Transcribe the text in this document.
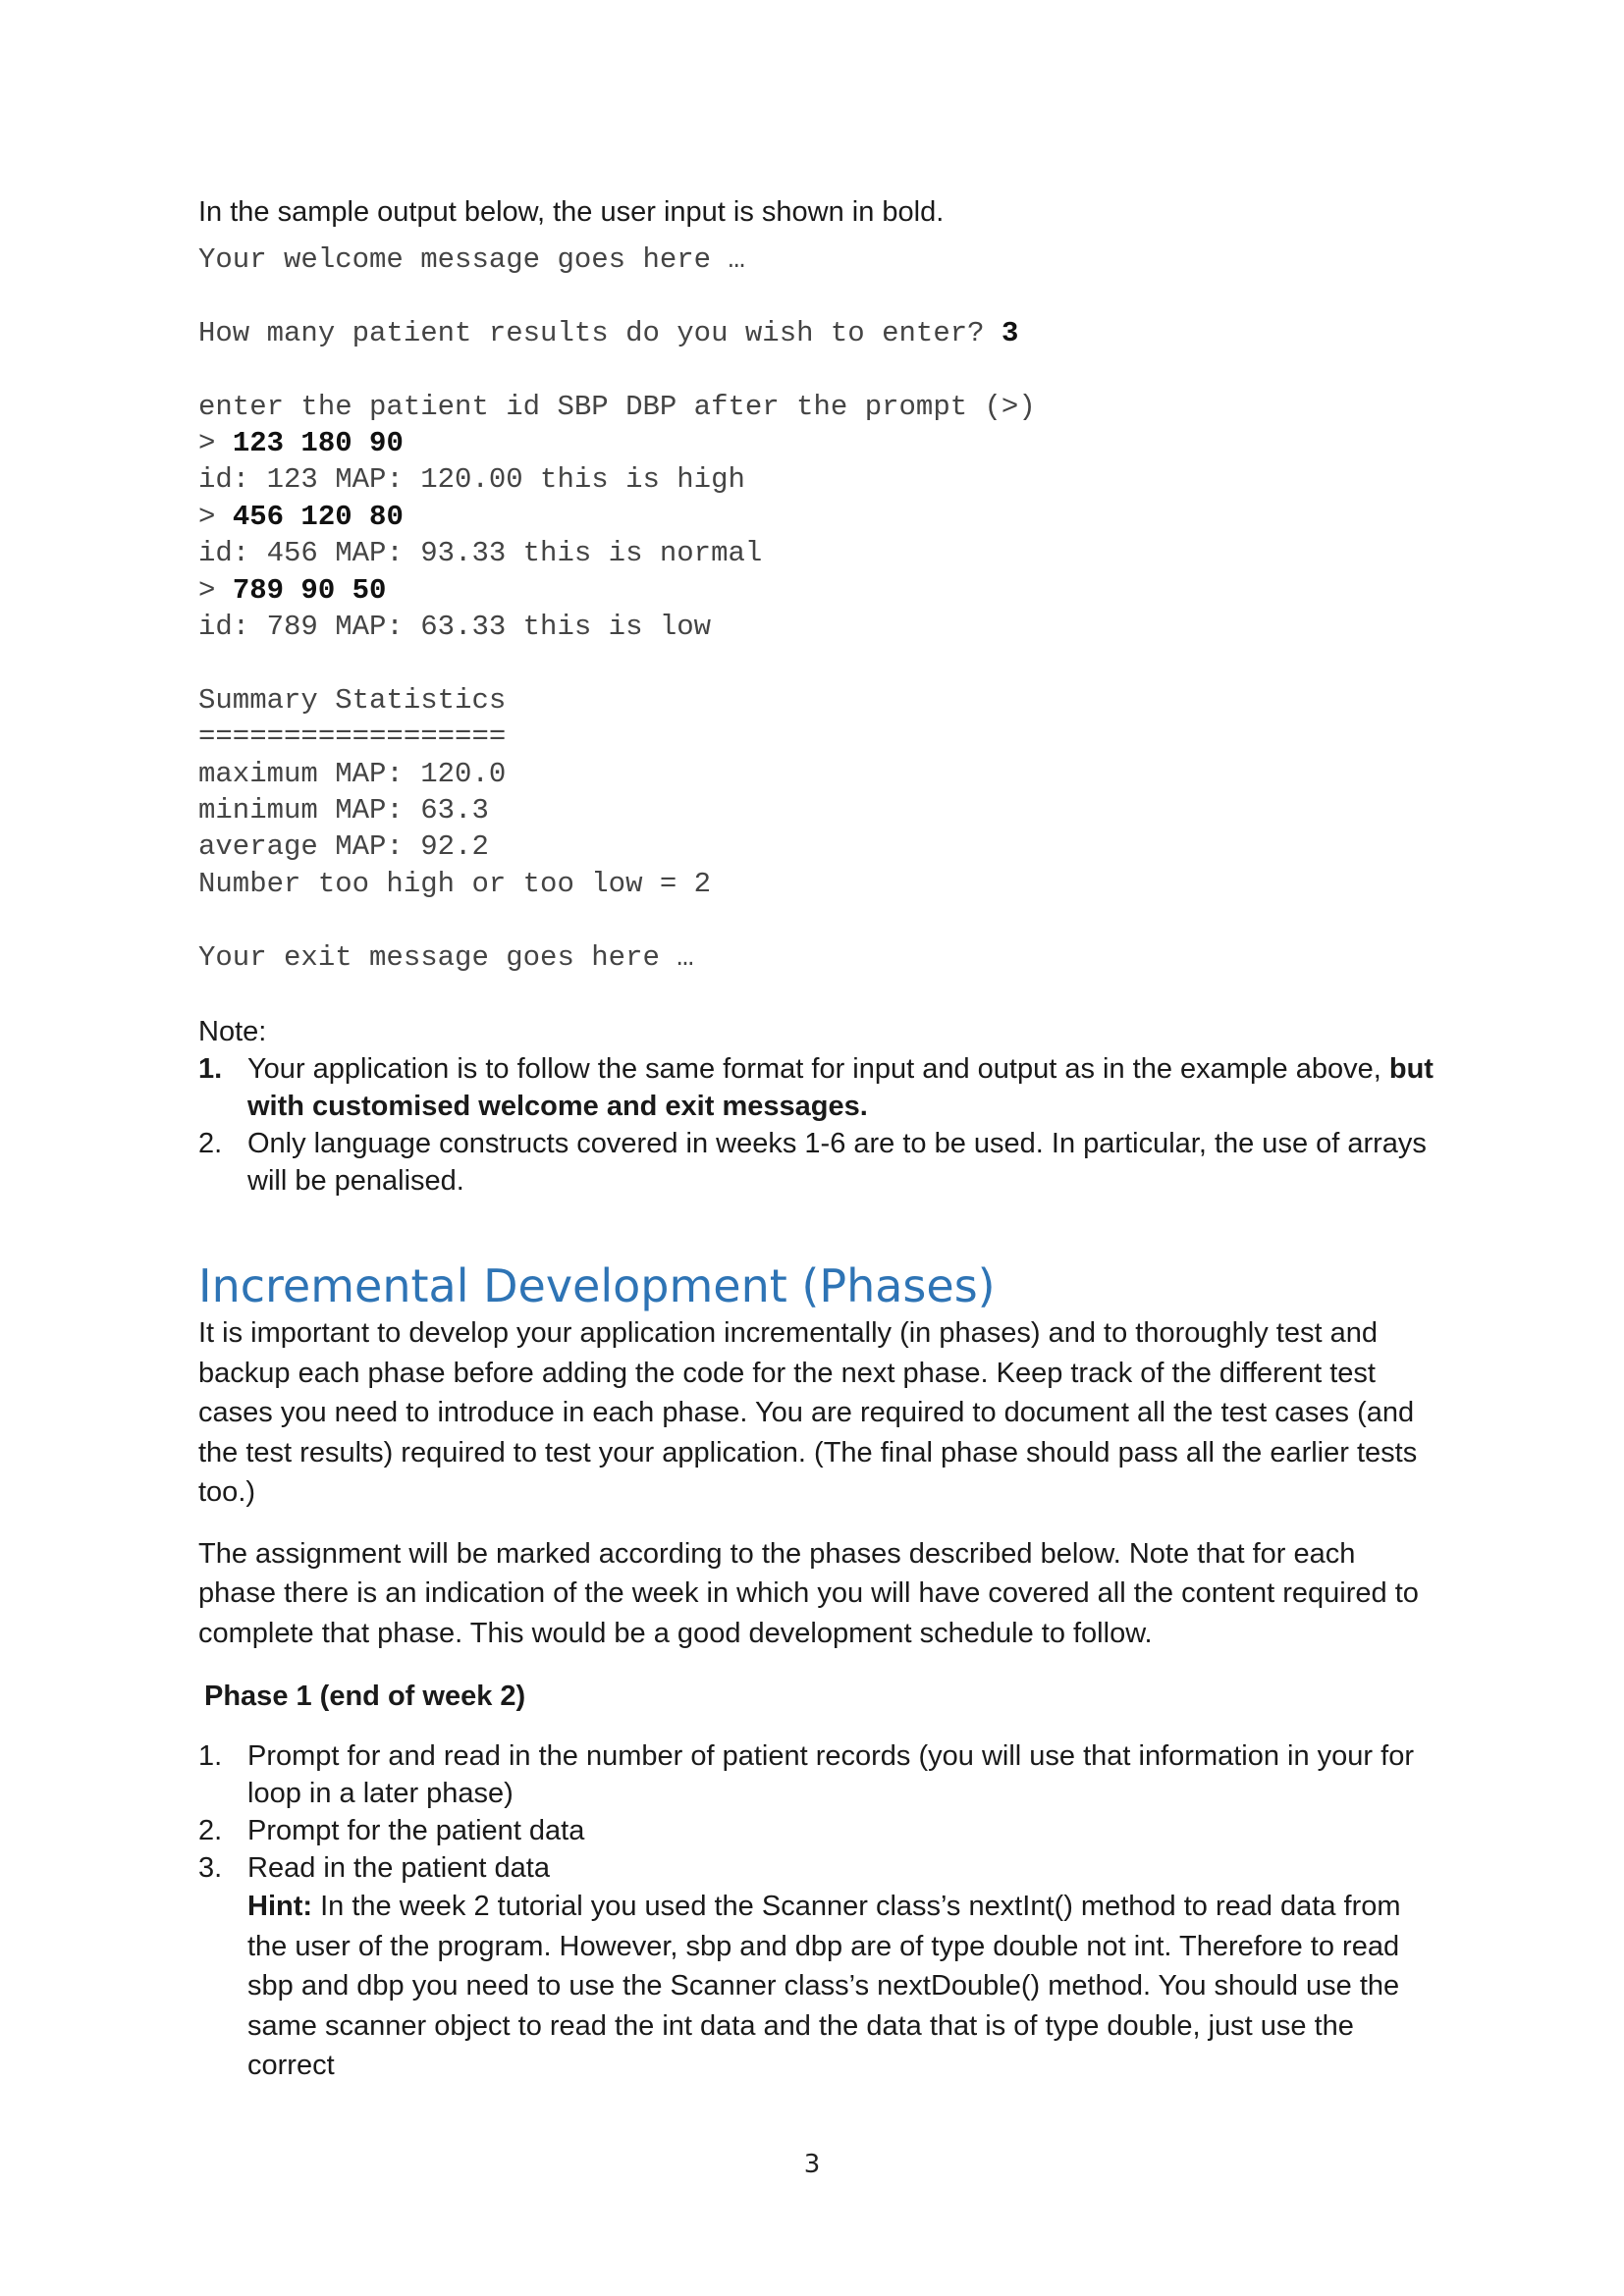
In the sample output below, the user input is shown in bold.

Your welcome message goes here …
How many patient results do you wish to enter? 3
enter the patient id SBP DBP after the prompt (>)
> 123 180 90
id: 123 MAP: 120.00 this is high
> 456 120 80
id: 456 MAP: 93.33 this is normal
> 789 90 50
id: 789 MAP: 63.33 this is low
Summary Statistics
==================
maximum MAP: 120.0
minimum MAP: 63.3
average MAP: 92.2
Number too high or too low = 2
Your exit message goes here …
Note:
1. Your application is to follow the same format for input and output as in the example above, but with customised welcome and exit messages.
2. Only language constructs covered in weeks 1-6 are to be used. In particular, the use of arrays will be penalised.
Incremental Development (Phases)

It is important to develop your application incrementally (in phases) and to thoroughly test and backup each phase before adding the code for the next phase. Keep track of the different test cases you need to introduce in each phase. You are required to document all the test cases (and the test results) required to test your application. (The final phase should pass all the earlier tests too.)

The assignment will be marked according to the phases described below. Note that for each phase there is an indication of the week in which you will have covered all the content required to complete that phase. This would be a good development schedule to follow.

Phase 1 (end of week 2)
1. Prompt for and read in the number of patient records (you will use that information in your for loop in a later phase)
2. Prompt for the patient data
3. Read in the patient data
Hint: In the week 2 tutorial you used the Scanner class’s nextInt() method to read data from the user of the program. However, sbp and dbp are of type double not int. Therefore to read sbp and dbp you need to use the Scanner class’s nextDouble() method. You should use the same scanner object to read the int data and the data that is of type double, just use the correct
3
